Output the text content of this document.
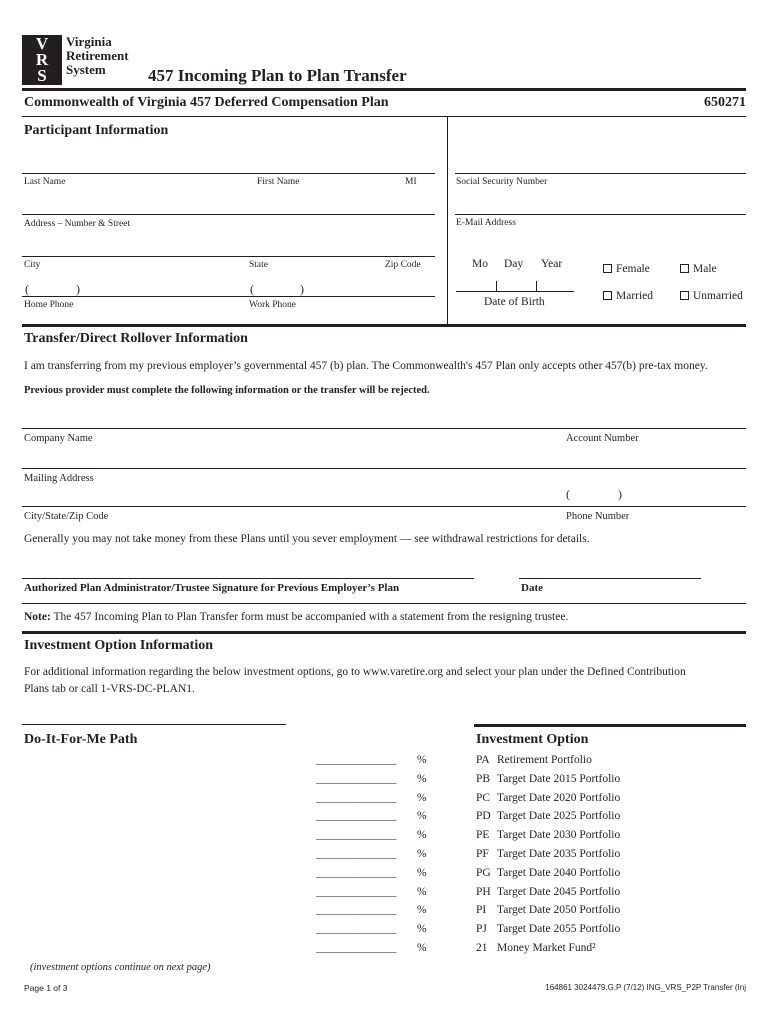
V
R
S
Virginia
Retirement
System	457 Incoming Plan to Plan Transfer
Commonwealth of Virginia 457 Deferred Compensation Plan	650271
Participant Information
Last Name	First Name	MI	Social Security Number
Address – Number & Street	E-Mail Address
City	State	Zip Code	Mo Day Year
Date of Birth
Female	Male
Married	Unmarried
(	)	(	)
Home Phone	Work Phone
Transfer/Direct Rollover Information
I am transferring from my previous employer’s governmental 457 (b) plan. The Commonwealth's 457 Plan only accepts other 457(b) pre-tax money.
Previous provider must complete the following information or the transfer will be rejected.
Company Name	Account Number
Mailing Address
(	)
City/State/Zip Code	Phone Number
Generally you may not take money from these Plans until you sever employment — see withdrawal restrictions for details.
Authorized Plan Administrator/Trustee Signature for Previous Employer’s Plan	Date
Note: The 457 Incoming Plan to Plan Transfer form must be accompanied with a statement from the resigning trustee.
Investment Option Information
For additional information regarding the below investment options, go to www.varetire.org and select your plan under the Defined Contribution
Plans tab or call 1-VRS-DC-PLAN1.
Do-It-For-Me Path	Investment Option
________________ %	PA Retirement Portfolio
________________ %	PB Target Date 2015 Portfolio
________________ %	PC Target Date 2020 Portfolio
________________ %	PD Target Date 2025 Portfolio
________________ %	PE Target Date 2030 Portfolio
________________ %	PF Target Date 2035 Portfolio
________________ %	PG Target Date 2040 Portfolio
________________ %	PH Target Date 2045 Portfolio
________________ %	PI Target Date 2050 Portfolio
________________ %	PJ Target Date 2055 Portfolio
________________ %	21 Money Market Fund²
(investment options continue on next page)
Page 1 of 3	164861 3024479.G.P (7/12) ING_VRS_P2P Transfer (Inj
